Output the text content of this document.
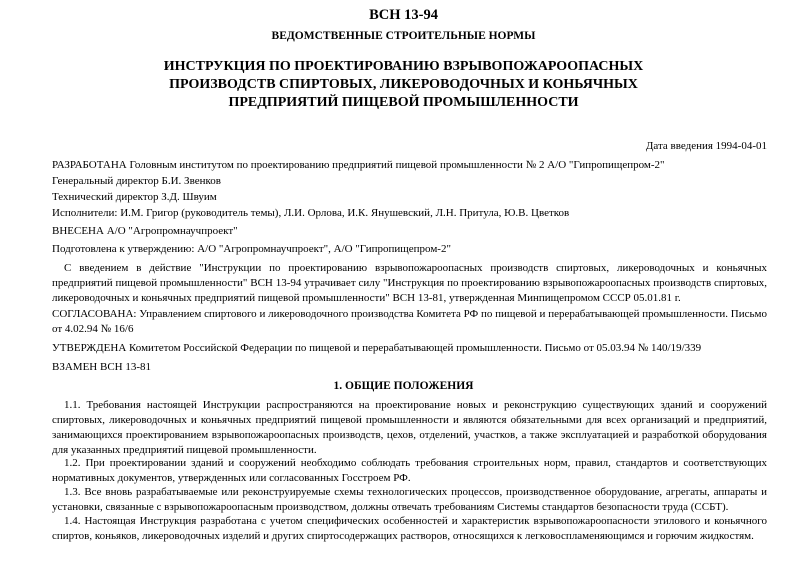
ВСН 13-94
ВЕДОМСТВЕННЫЕ СТРОИТЕЛЬНЫЕ НОРМЫ
ИНСТРУКЦИЯ ПО ПРОЕКТИРОВАНИЮ ВЗРЫВОПОЖАРООПАСНЫХ
ПРОИЗВОДСТВ СПИРТОВЫХ, ЛИКЕРОВОДОЧНЫХ И КОНЬЯЧНЫХ
ПРЕДПРИЯТИЙ ПИЩЕВОЙ ПРОМЫШЛЕННОСТИ
Дата введения 1994-04-01

РАЗРАБОТАНА Головным институтом по проектированию предприятий пищевой промышленности № 2 А/О "Гипропищепром-2"

Генеральный директор Б.И. Звенков

Технический директор З.Д. Швуим

Исполнители: И.М. Григор (руководитель темы), Л.И. Орлова, И.К. Янушевский, Л.Н. Притула, Ю.В. Цветков

ВНЕСЕНА А/О "Агропромнаучпроект"

Подготовлена к утверждению: А/О "Агропромнаучпроект", А/О "Гипропищепром-2"

С введением в действие "Инструкции по проектированию взрывопожароопасных производств спиртовых, ликероводочных и коньячных предприятий пищевой промышленности" ВСН 13-94 утрачивает силу "Инструкция по проектированию взрывопожароопасных производств спиртовых, ликероводочных и коньячных предприятий пищевой промышленности" ВСН 13-81, утвержденная Минпищепромом СССР 05.01.81 г.

СОГЛАСОВАНА: Управлением спиртового и ликероводочного производства Комитета РФ по пищевой и перерабатывающей промышленности. Письмо от 4.02.94 № 16/6

УТВЕРЖДЕНА Комитетом Российской Федерации по пищевой и перерабатывающей промышленности. Письмо от 05.03.94 № 140/19/339

ВЗАМЕН ВСН 13-81

1. ОБЩИЕ ПОЛОЖЕНИЯ

1.1. Требования настоящей Инструкции распространяются на проектирование новых и реконструкцию существующих зданий и сооружений спиртовых, ликероводочных и коньячных предприятий пищевой промышленности и являются обязательными для всех организаций и предприятий, занимающихся проектированием взрывопожароопасных производств, цехов, отделений, участков, а также эксплуатацией и разработкой оборудования для указанных предприятий пищевой промышленности.

1.2. При проектировании зданий и сооружений необходимо соблюдать требования строительных норм, правил, стандартов и соответствующих нормативных документов, утвержденных или согласованных Госстроем РФ.

1.3. Все вновь разрабатываемые или реконструируемые схемы технологических процессов, производственное оборудование, агрегаты, аппараты и установки, связанные с взрывопожароопасным производством, должны отвечать требованиям Системы стандартов безопасности труда (ССБТ).

1.4. Настоящая Инструкция разработана с учетом специфических особенностей и характеристик взрывопожароопасности этилового и коньячного спиртов, коньяков, ликероводочных изделий и других спиртосодержащих растворов, относящихся к легковоспламеняющимся и горючим жидкостям.
